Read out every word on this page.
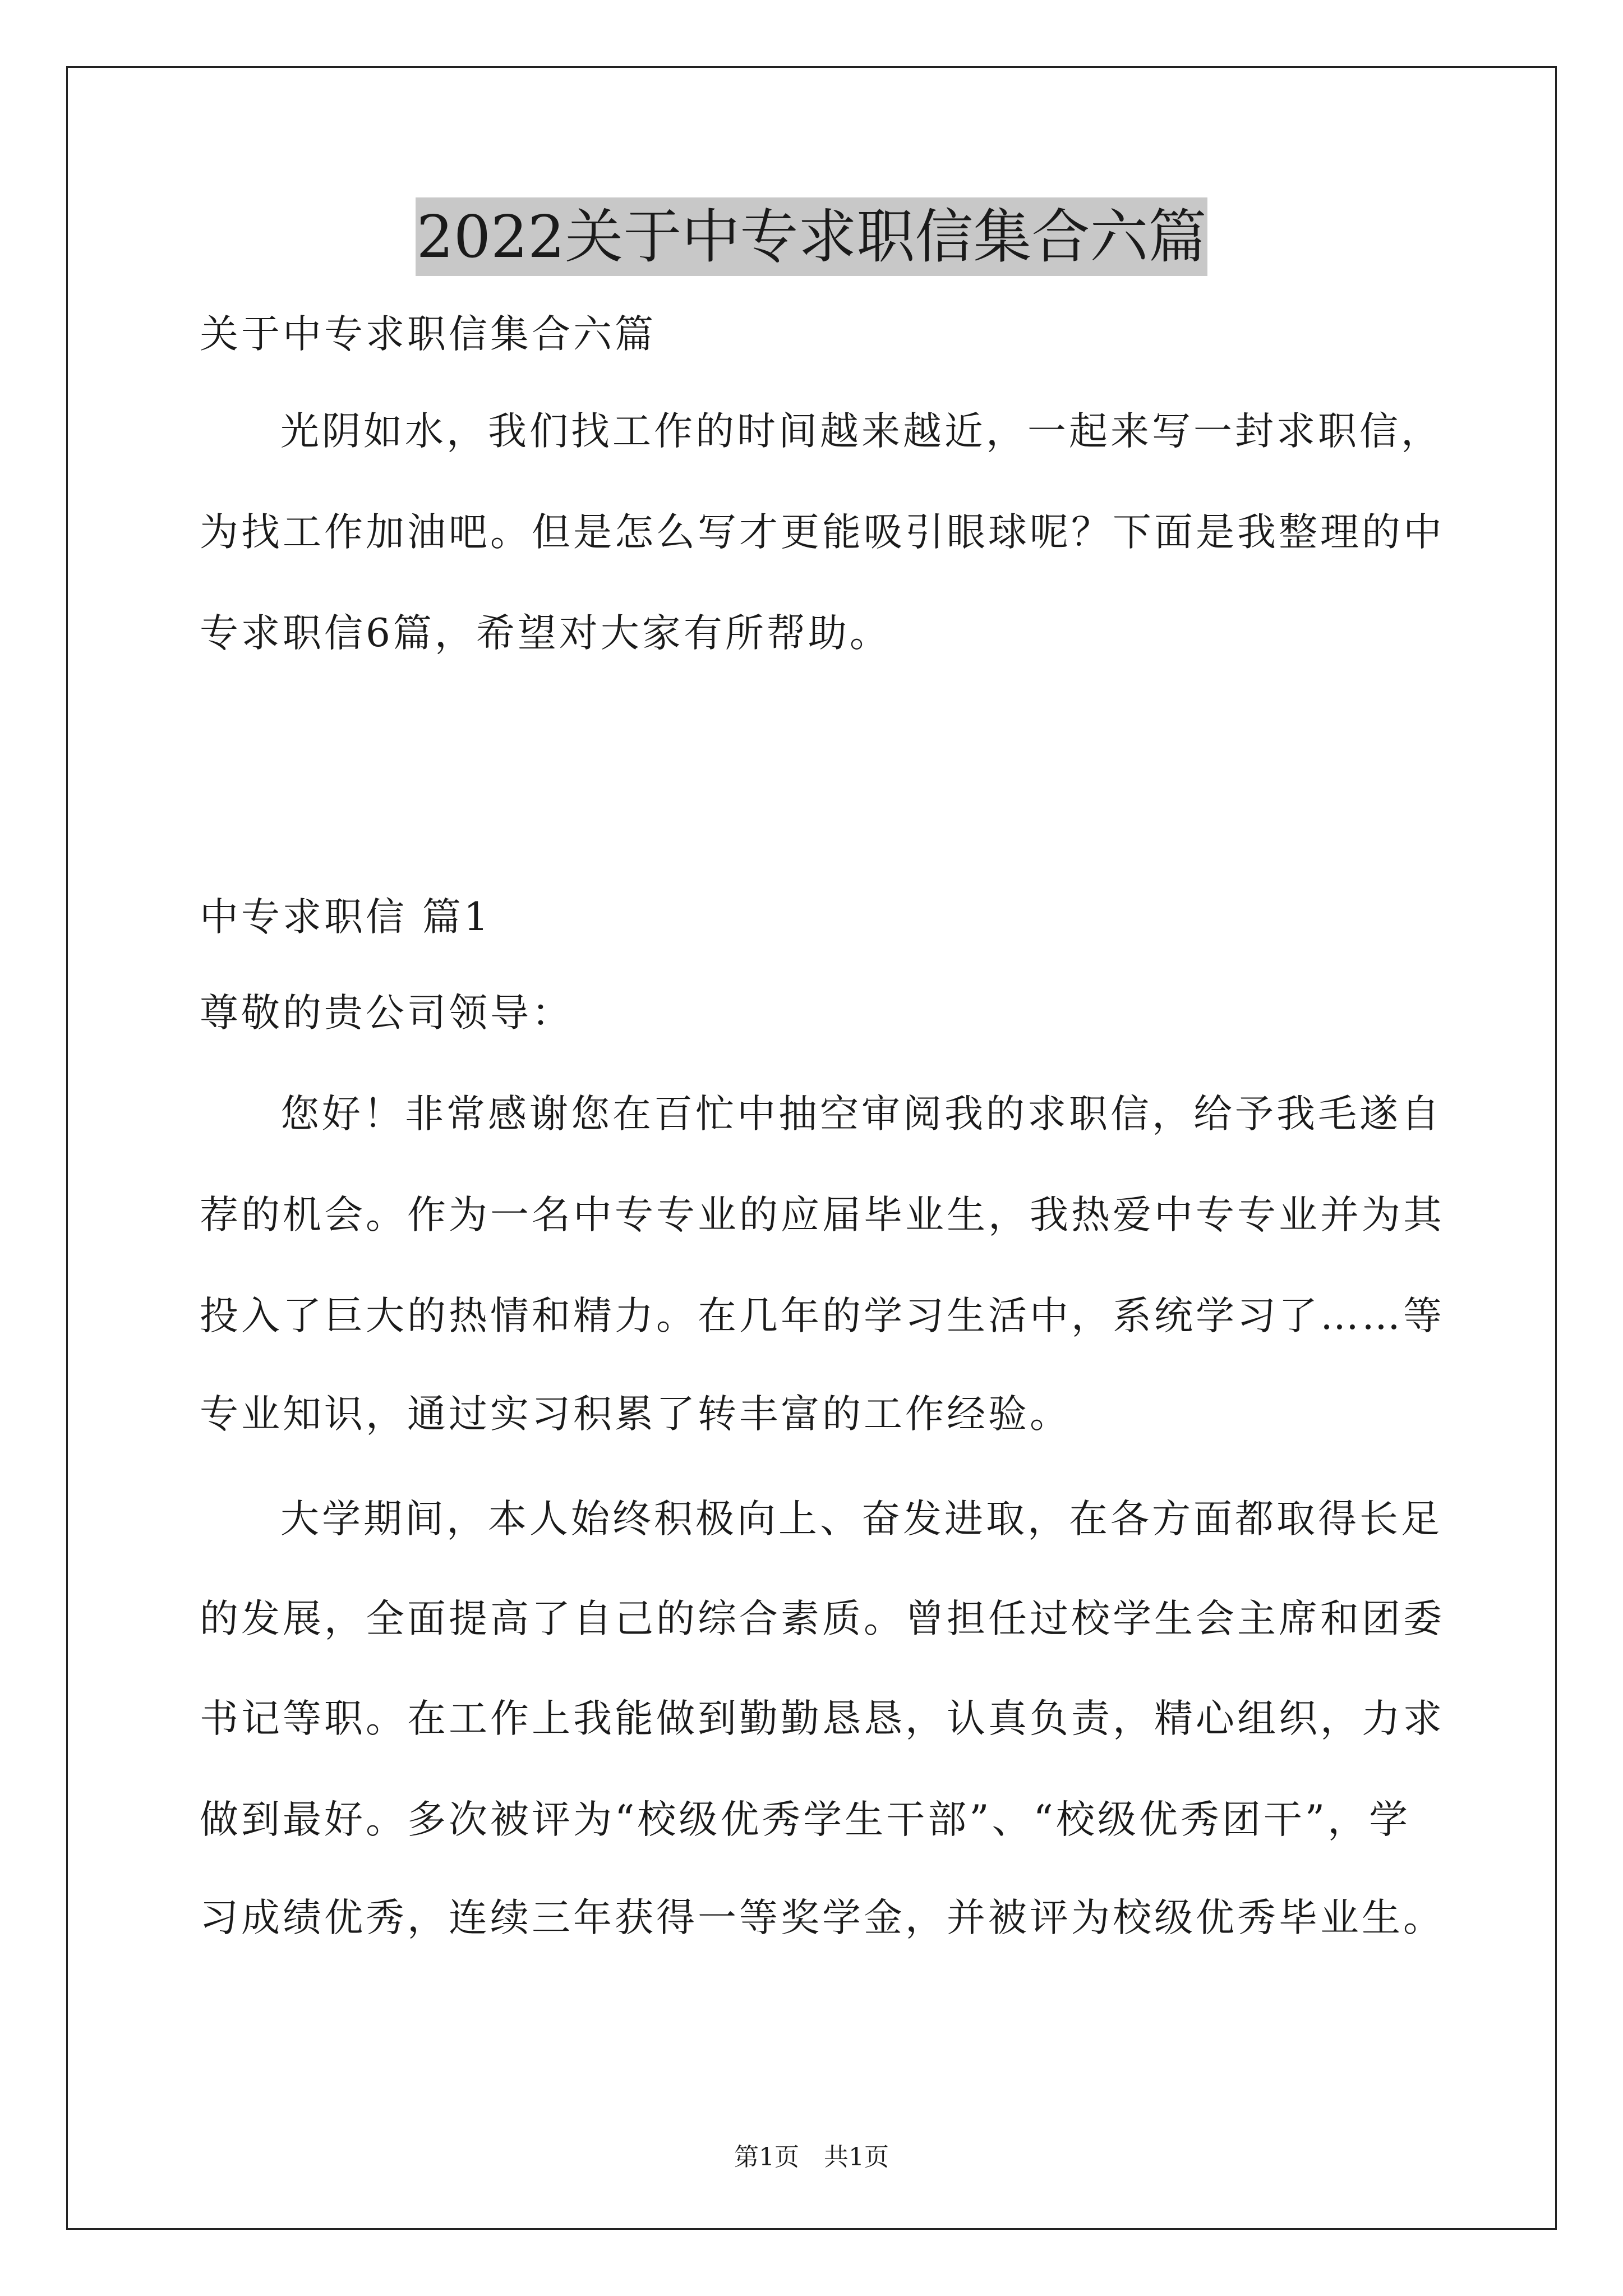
2022关于中专求职信集合六篇
关于中专求职信集合六篇
光阴如水，我们找工作的时间越来越近，一起来写一封求职信，
为找工作加油吧。但是怎么写才更能吸引眼球呢？下面是我整理的中
专求职信6篇，希望对大家有所帮助。
中专求职信 篇1
尊敬的贵公司领导：
您好！非常感谢您在百忙中抽空审阅我的求职信，给予我毛遂自
荐的机会。作为一名中专专业的应届毕业生，我热爱中专专业并为其
投入了巨大的热情和精力。在几年的学习生活中，系统学习了……等
专业知识，通过实习积累了转丰富的工作经验。
大学期间，本人始终积极向上、奋发进取，在各方面都取得长足
的发展，全面提高了自己的综合素质。曾担任过校学生会主席和团委
书记等职。在工作上我能做到勤勤恳恳，认真负责，精心组织，力求
做到最好。多次被评为“校级优秀学生干部”、“校级优秀团干”，学
习成绩优秀，连续三年获得一等奖学金，并被评为校级优秀毕业生。
第1页　共1页
